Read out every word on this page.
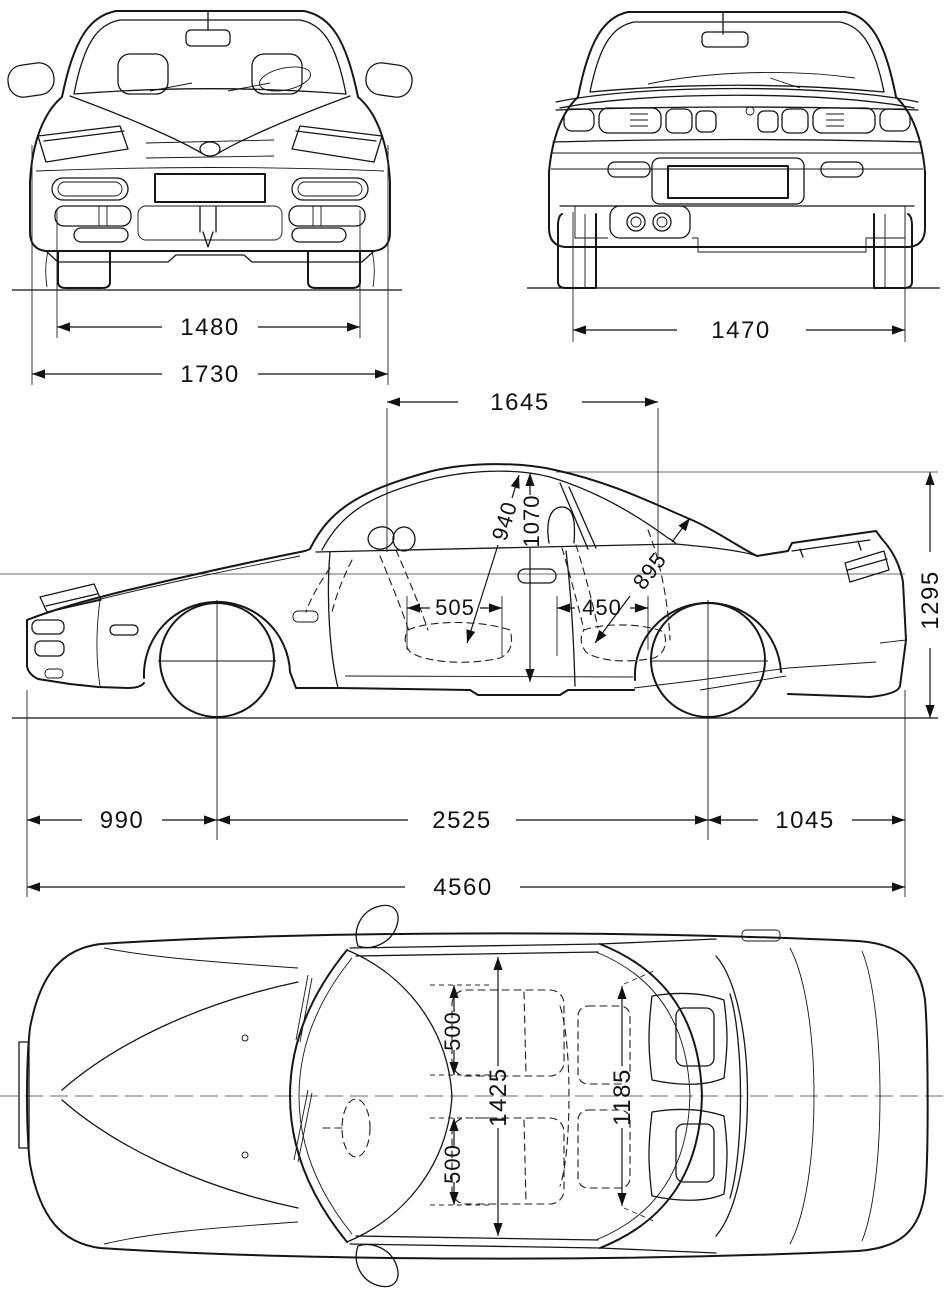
1480
1730
1470
1645
1295
1070
940
505	450
895
990	2525	1045
4560
500
500
1425	1185
